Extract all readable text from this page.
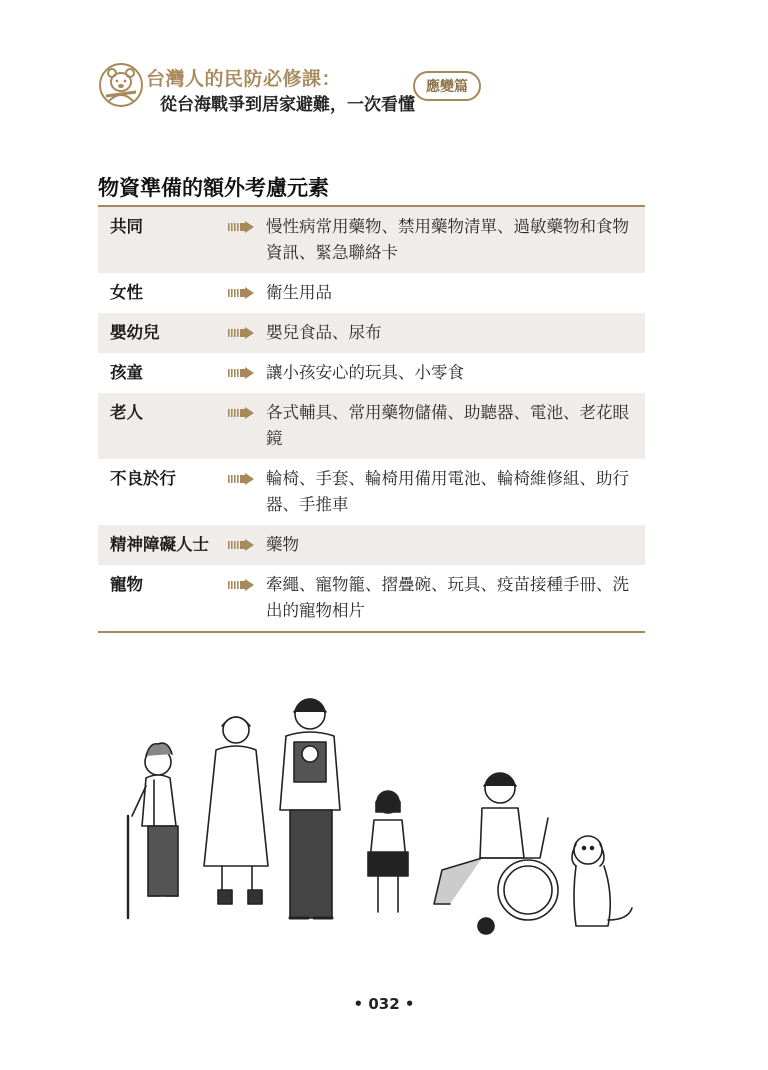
台灣人的民防必修課：
從台海戰爭到居家避難，一次看懂
應變篇
物資準備的額外考慮元素
共同	慢性病常用藥物、禁用藥物清單、過敏藥物和食物資訊、緊急聯絡卡
女性	衛生用品
嬰幼兒	嬰兒食品、尿布
孩童	讓小孩安心的玩具、小零食
老人	各式輔具、常用藥物儲備、助聽器、電池、老花眼鏡
不良於行	輪椅、手套、輪椅用備用電池、輪椅維修組、助行器、手推車
精神障礙人士	藥物
寵物	牽繩、寵物籠、摺疊碗、玩具、疫苗接種手冊、洗出的寵物相片
• 032 •
